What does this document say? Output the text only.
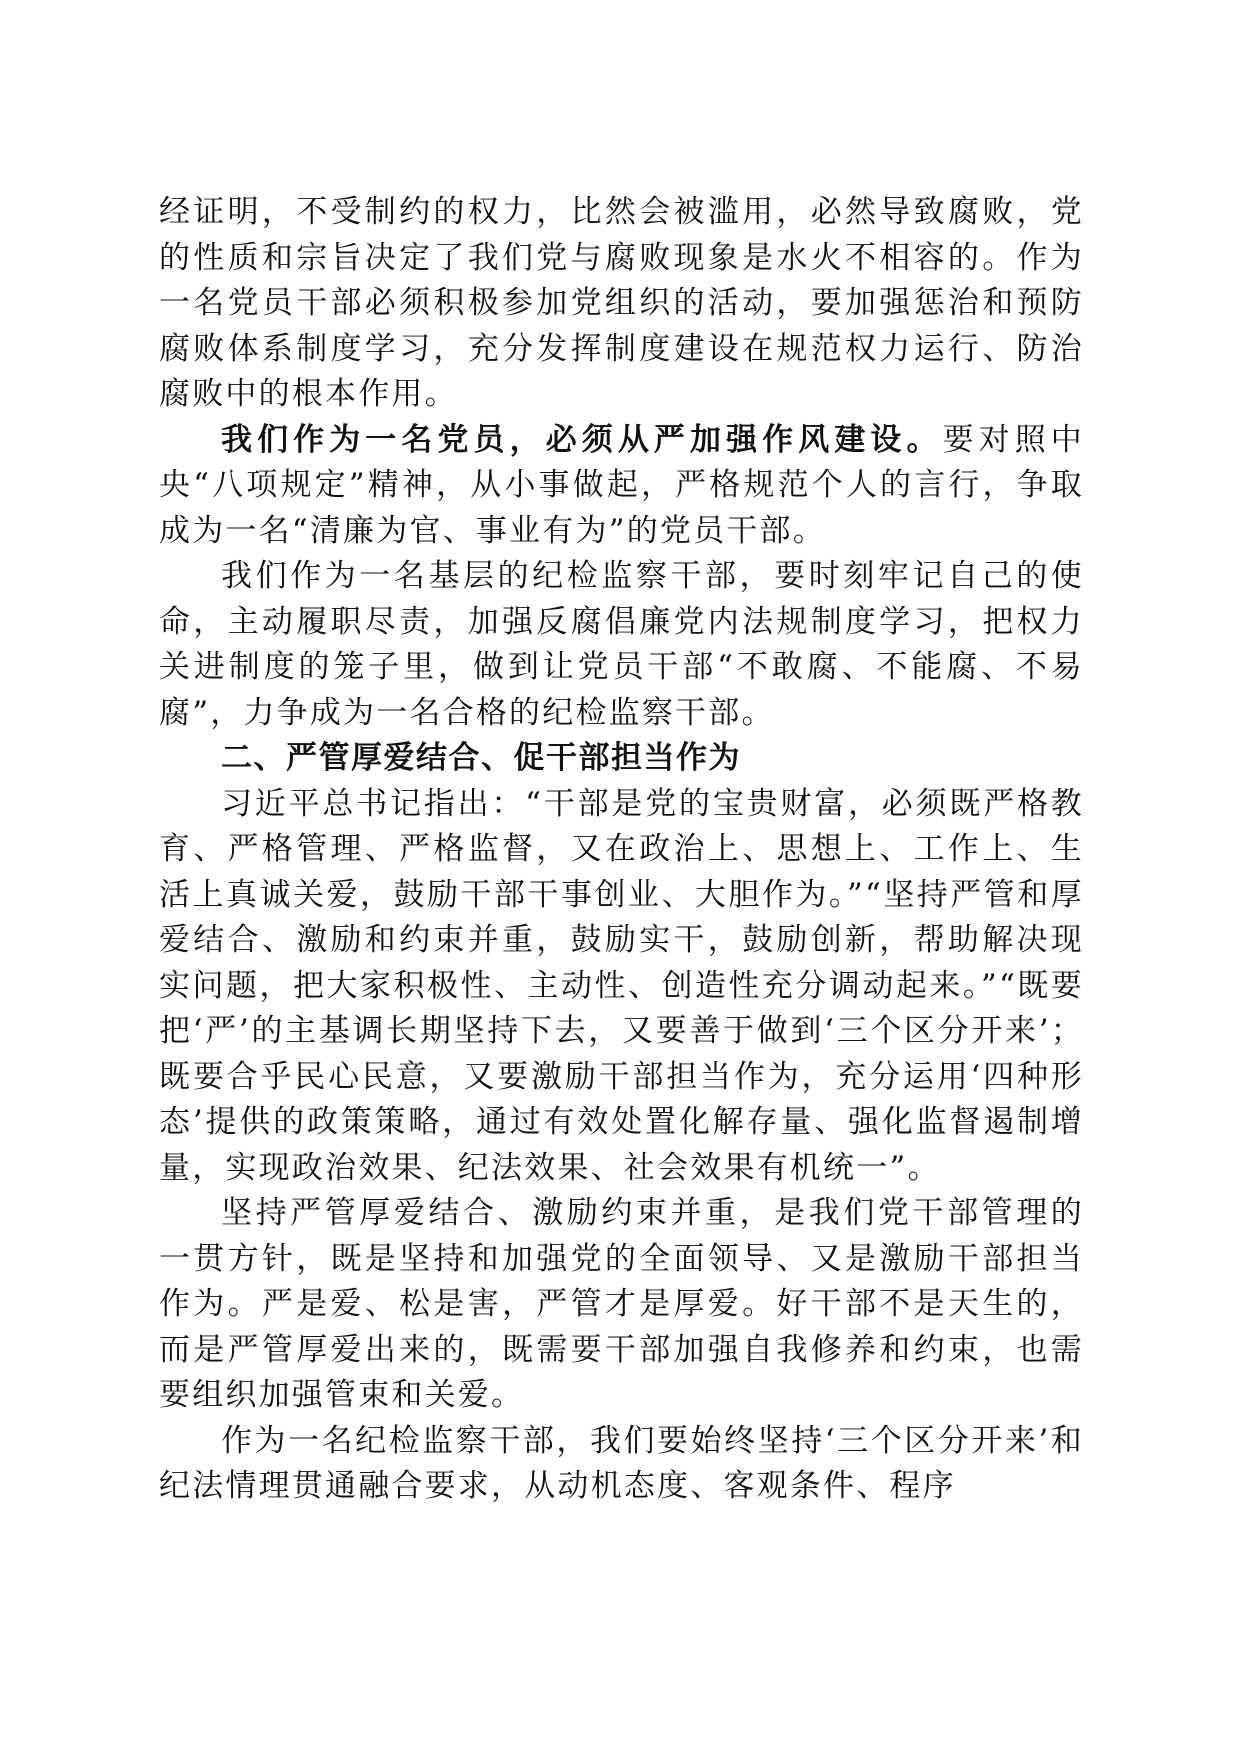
经证明，不受制约的权力，比然会被滥用，必然导致腐败，党的性质和宗旨决定了我们党与腐败现象是水火不相容的。作为一名党员干部必须积极参加党组织的活动，要加强惩治和预防腐败体系制度学习，充分发挥制度建设在规范权力运行、防治腐败中的根本作用。

我们作为一名党员，必须从严加强作风建设。要对照中央“八项规定”精神，从小事做起，严格规范个人的言行，争取成为一名“清廉为官、事业有为”的党员干部。

我们作为一名基层的纪检监察干部，要时刻牢记自己的使命，主动履职尽责，加强反腐倡廉党内法规制度学习，把权力关进制度的笼子里，做到让党员干部“不敢腐、不能腐、不易腐”，力争成为一名合格的纪检监察干部。

二、严管厚爱结合、促干部担当作为

习近平总书记指出：“干部是党的宝贵财富，必须既严格教育、严格管理、严格监督，又在政治上、思想上、工作上、生活上真诚关爱，鼓励干部干事创业、大胆作为。”“坚持严管和厚爱结合、激励和约束并重，鼓励实干，鼓励创新，帮助解决现实问题，把大家积极性、主动性、创造性充分调动起来。”“既要把‘严’的主基调长期坚持下去，又要善于做到‘三个区分开来’；既要合乎民心民意，又要激励干部担当作为，充分运用‘四种形态’提供的政策策略，通过有效处置化解存量、强化监督遏制增量，实现政治效果、纪法效果、社会效果有机统一”。

坚持严管厚爱结合、激励约束并重，是我们党干部管理的一贯方针，既是坚持和加强党的全面领导、又是激励干部担当作为。严是爱、松是害，严管才是厚爱。好干部不是天生的，而是严管厚爱出来的，既需要干部加强自我修养和约束，也需要组织加强管束和关爱。

作为一名纪检监察干部，我们要始终坚持‘三个区分开来’和纪法情理贯通融合要求，从动机态度、客观条件、程序
